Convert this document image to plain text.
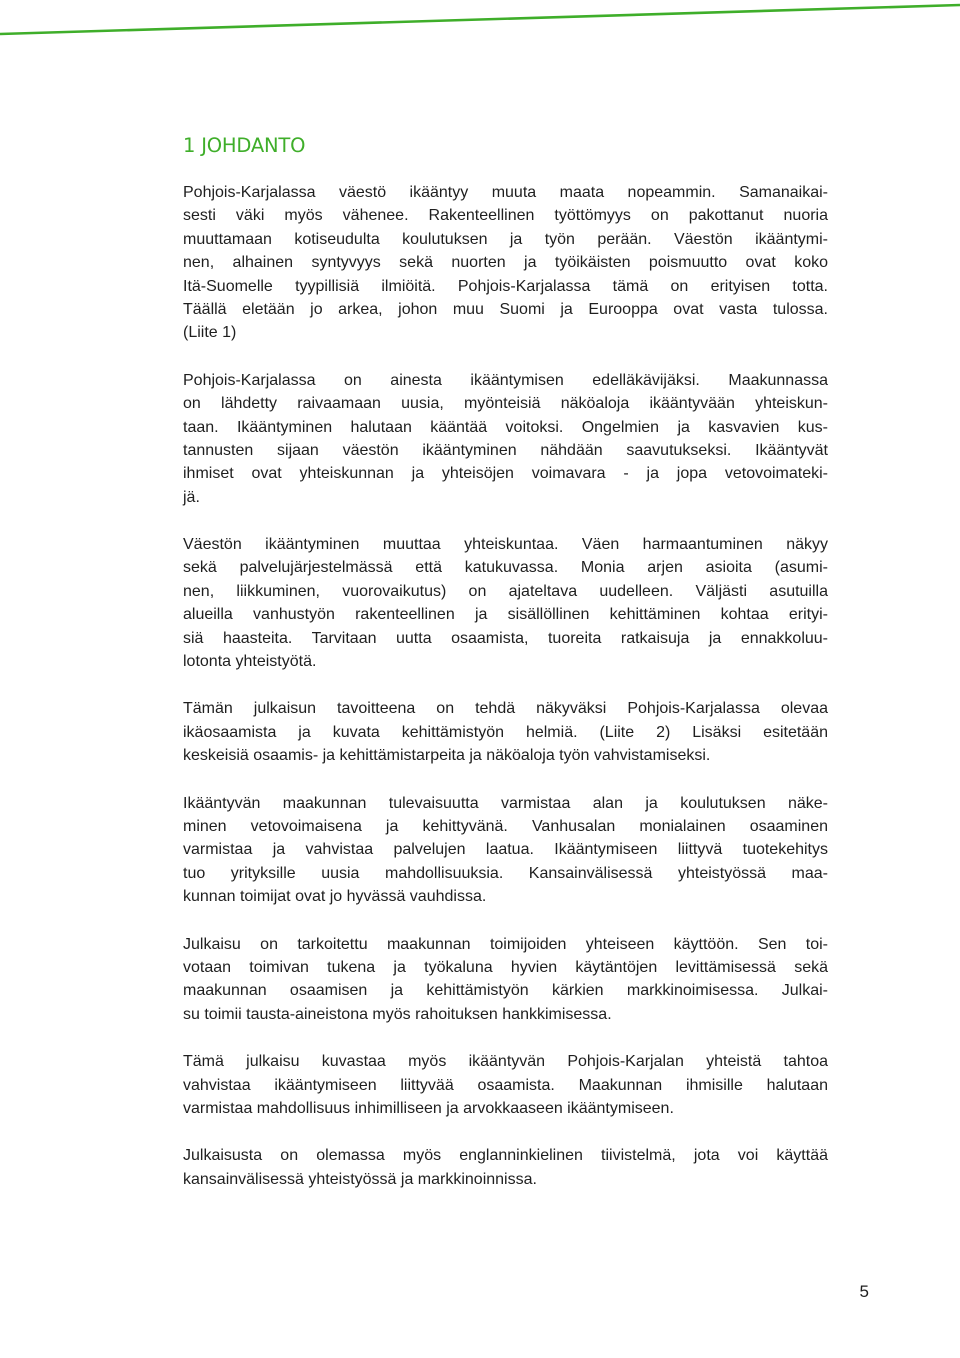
1 JOHDANTO

Pohjois-Karjalassa väestö ikääntyy muuta maata nopeammin. Samanaikai-
sesti väki myös vähenee. Rakenteellinen työttömyys on pakottanut nuoria
muuttamaan kotiseudulta koulutuksen ja työn perään. Väestön ikääntymi-
nen, alhainen syntyvyys sekä nuorten ja työikäisten poismuutto ovat koko
Itä-Suomelle tyypillisiä ilmiöitä. Pohjois-Karjalassa tämä on erityisen totta.
Täällä eletään jo arkea, johon muu Suomi ja Eurooppa ovat vasta tulossa.
(Liite 1)

Pohjois-Karjalassa on ainesta ikääntymisen edelläkävijäksi. Maakunnassa
on lähdetty raivaamaan uusia, myönteisiä näköaloja ikääntyvään yhteiskun-
taan. Ikääntyminen halutaan kääntää voitoksi. Ongelmien ja kasvavien kus-
tannusten sijaan väestön ikääntyminen nähdään saavutukseksi. Ikääntyvät
ihmiset ovat yhteiskunnan ja yhteisöjen voimavara - ja jopa vetovoimateki-
jä.

Väestön ikääntyminen muuttaa yhteiskuntaa. Väen harmaantuminen näkyy
sekä palvelujärjestelmässä että katukuvassa. Monia arjen asioita (asumi-
nen, liikkuminen, vuorovaikutus) on ajateltava uudelleen. Väljästi asutuilla
alueilla vanhustyön rakenteellinen ja sisällöllinen kehittäminen kohtaa erityi-
siä haasteita. Tarvitaan uutta osaamista, tuoreita ratkaisuja ja ennakkoluu-
lotonta yhteistyötä.

Tämän julkaisun tavoitteena on tehdä näkyväksi Pohjois-Karjalassa olevaa
ikäosaamista ja kuvata kehittämistyön helmiä. (Liite 2) Lisäksi esitetään
keskeisiä osaamis- ja kehittämistarpeita ja näköaloja työn vahvistamiseksi.

Ikääntyvän maakunnan tulevaisuutta varmistaa alan ja koulutuksen näke-
minen vetovoimaisena ja kehittyvänä. Vanhusalan monialainen osaaminen
varmistaa ja vahvistaa palvelujen laatua. Ikääntymiseen liittyvä tuotekehitys
tuo yrityksille uusia mahdollisuuksia. Kansainvälisessä yhteistyössä maa-
kunnan toimijat ovat jo hyvässä vauhdissa.

Julkaisu on tarkoitettu maakunnan toimijoiden yhteiseen käyttöön. Sen toi-
votaan toimivan tukena ja työkaluna hyvien käytäntöjen levittämisessä sekä
maakunnan osaamisen ja kehittämistyön kärkien markkinoimisessa. Julkai-
su toimii tausta-aineistona myös rahoituksen hankkimisessa.

Tämä julkaisu kuvastaa myös ikääntyvän Pohjois-Karjalan yhteistä tahtoa
vahvistaa ikääntymiseen liittyvää osaamista. Maakunnan ihmisille halutaan
varmistaa mahdollisuus inhimilliseen ja arvokkaaseen ikääntymiseen.

Julkaisusta on olemassa myös englanninkielinen tiivistelmä, jota voi käyttää
kansainvälisessä yhteistyössä ja markkinoinnissa.

5
